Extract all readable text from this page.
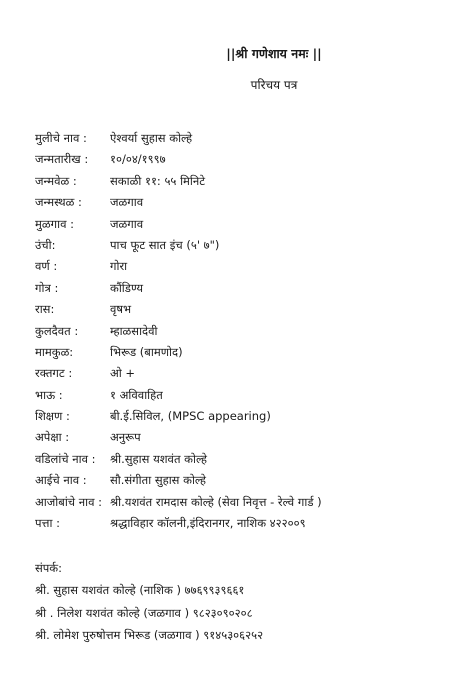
||श्री गणेशाय नमः ||
परिचय पत्र
मुलीचे नाव :	ऐश्वर्या सुहास कोल्हे
जन्मतारीख :	१०/०४/१९९७
जन्मवेळ :	सकाळी ११: ५५ मिनिटे
जन्मस्थळ :	जळगाव
मुळगाव :	जळगाव
उंची:	पाच फूट सात इंच (५' ७")
वर्ण :	गोरा
गोत्र :	कौंडिण्य
रास:	वृषभ
कुलदैवत :	म्हाळसादेवी
मामकुळ:	भिरूड (बामणोद)
रक्तगट :	ओ +
भाऊ :	१ अविवाहित
शिक्षण :	बी.ई.सिविल, (MPSC appearing)
अपेक्षा :	अनुरूप
वडिलांचे नाव :	श्री.सुहास यशवंत कोल्हे
आईचे नाव :	सौ.संगीता सुहास कोल्हे
आजोबांचे नाव : श्री.यशवंत रामदास कोल्हे (सेवा निवृत्त - रेल्वे गार्ड )
पत्ता :	श्रद्धाविहार कॉलनी,इंदिरानगर, नाशिक ४२२००९
संपर्क:
श्री. सुहास यशवंत कोल्हे (नाशिक ) ७७६९९३९६६१
श्री . निलेश यशवंत कोल्हे (जळगाव ) ९८२३०९०२०८
श्री. लोमेश पुरुषोत्तम भिरूड (जळगाव ) ९१४५३०६२५२
